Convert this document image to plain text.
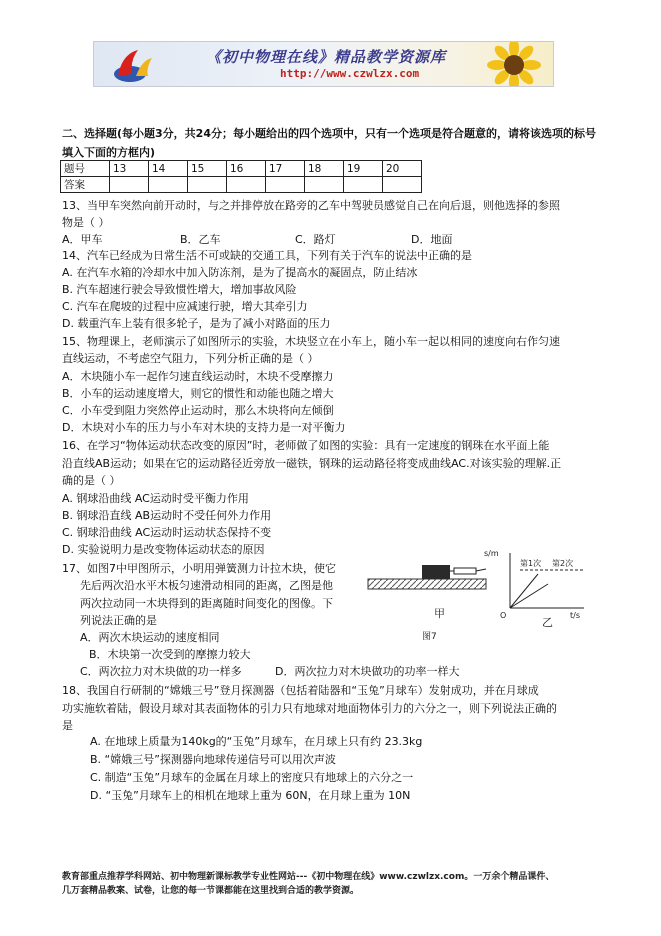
《初中物理在线》精品教学资源库
http://www.czwlzx.com
二、选择题(每小题3分，共24分；每小题给出的四个选项中，只有一个选项是符合题意的，请将该选项的标号填入下面的方框内)
题号	13	14	15	16	17	18	19	20
答案								
13、当甲车突然向前开动时，与之并排停放在路旁的乙车中驾驶员感觉自己在向后退，则他选择的参照
物是（ ）
A．甲车	B．乙车	C．路灯	D．地面
14、汽车已经成为日常生活不可或缺的交通工具，下列有关于汽车的说法中正确的是
A. 在汽车水箱的冷却水中加入防冻剂，是为了提高水的凝固点，防止结冰
B. 汽车超速行驶会导致惯性增大，增加事故风险
C. 汽车在爬坡的过程中应减速行驶，增大其牵引力
D. 载重汽车上装有很多轮子，是为了减小对路面的压力
15、物理课上，老师演示了如图所示的实验，木块竖立在小车上，随小车一起以相同的速度向右作匀速
直线运动，不考虑空气阻力，下列分析正确的是（ ）
A．木块随小车一起作匀速直线运动时，木块不受摩擦力
B．小车的运动速度增大，则它的惯性和动能也随之增大
C．小车受到阻力突然停止运动时，那么木块将向左倾倒
D．木块对小车的压力与小车对木块的支持力是一对平衡力
16、在学习“物体运动状态改变的原因”时，老师做了如图的实验：具有一定速度的钢珠在水平面上能
沿直线AB运动；如果在它的运动路径近旁放一磁铁，钢珠的运动路径将变成曲线AC.对该实验的理解.正
确的是（ ）
A. 钢球沿曲线 AC运动时受平衡力作用
B. 钢球沿直线 AB运动时不受任何外力作用
C. 钢球沿曲线 AC运动时运动状态保持不变
D. 实验说明力是改变物体运动状态的原因
17、如图7中甲图所示，小明用弹簧测力计拉木块，使它
先后两次沿水平木板匀速滑动相同的距离，乙图是他
两次拉动同一木块得到的距离随时间变化的图像。下
列说法正确的是
A．两次木块运动的速度相同
B．木块第一次受到的摩擦力较大
C．两次拉力对木块做的功一样多	D．两次拉力对木块做功的功率一样大
甲
图7
s/m
t/s
O
第1次 第2次
乙
18、我国自行研制的“嫦娥三号”登月探测器（包括着陆器和“玉兔”月球车）发射成功，并在月球成
功实施软着陆，假设月球对其表面物体的引力只有地球对地面物体引力的六分之一，则下列说法正确的
是
A. 在地球上质量为140kg的“玉兔”月球车，在月球上只有约 23.3kg
B. “嫦娥三号”探测器向地球传递信号可以用次声波
C. 制造“玉兔”月球车的金属在月球上的密度只有地球上的六分之一
D. “玉兔”月球车上的相机在地球上重为 60N，在月球上重为 10N
教育部重点推荐学科网站、初中物理新课标教学专业性网站---《初中物理在线》www.czwlzx.com。一万余个精品课件、
几万套精品教案、试卷，让您的每一节课都能在这里找到合适的教学资源。
